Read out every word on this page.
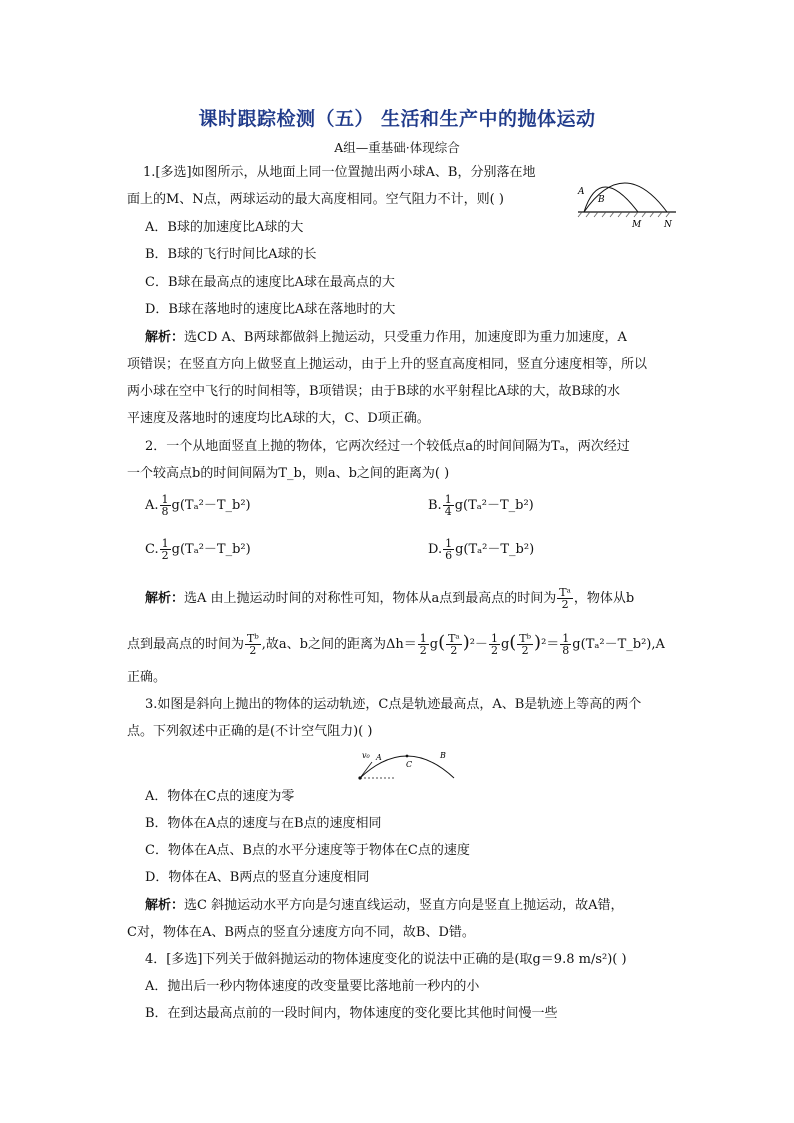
课时跟踪检测（五） 生活和生产中的抛体运动
A组—重基础·体现综合
1.[多选]如图所示，从地面上同一位置抛出两小球A、B，分别落在地
面上的M、N点，两球运动的最大高度相同。空气阻力不计，则( )	A
B
M	N
A．B球的加速度比A球的大
B．B球的飞行时间比A球的长
C．B球在最高点的速度比A球在最高点的大
D．B球在落地时的速度比A球在落地时的大
解析：选CD A、B两球都做斜上抛运动，只受重力作用，加速度即为重力加速度，A
项错误；在竖直方向上做竖直上抛运动，由于上升的竖直高度相同，竖直分速度相等，所以
两小球在空中飞行的时间相等，B项错误；由于B球的水平射程比A球的大，故B球的水
平速度及落地时的速度均比A球的大，C、D项正确。
2．一个从地面竖直上抛的物体，它两次经过一个较低点a的时间间隔为Tₐ，两次经过
一个较高点b的时间间隔为T_b，则a、b之间的距离为( )
A. $\frac{1}{8}$ g(Tₐ²－T_b²)	B. $\frac{1}{4}$ g(Tₐ²－T_b²)
C. $\frac{1}{2}$ g(Tₐ²－T_b²)	D. $\frac{1}{6}$ g(Tₐ²－T_b²)
解析：选A 由上抛运动时间的对称性可知，物体从a点到最高点的时间为 $\frac{\text{Tᵃ}}{2}$ ，物体从b
点到最高点的时间为 $\frac{\text{Tᵇ}}{2}$ ,故a、b之间的距离为$\Delta h= \frac{1}{2} g( \frac{\text{Tᵃ}}{2} )^2- \frac{1}{2} g( \frac{\text{Tᵇ}}{2} )^2= \frac{1}{8}$ g(Tₐ²－T_b²),A
正确。
3.如图是斜向上抛出的物体的运动轨迹，C点是轨迹最高点，A、B是轨迹上等高的两个
点。下列叙述中正确的是(不计空气阻力)( )
v₀ A
C
B
A．物体在C点的速度为零
B．物体在A点的速度与在B点的速度相同
C．物体在A点、B点的水平分速度等于物体在C点的速度
D．物体在A、B两点的竖直分速度相同
解析：选C 斜抛运动水平方向是匀速直线运动，竖直方向是竖直上抛运动，故A错，
C对，物体在A、B两点的竖直分速度方向不同，故B、D错。
4．[多选]下列关于做斜抛运动的物体速度变化的说法中正确的是(取g＝9.8 m/s²)( )
A．抛出后一秒内物体速度的改变量要比落地前一秒内的小
B．在到达最高点前的一段时间内，物体速度的变化要比其他时间慢一些
